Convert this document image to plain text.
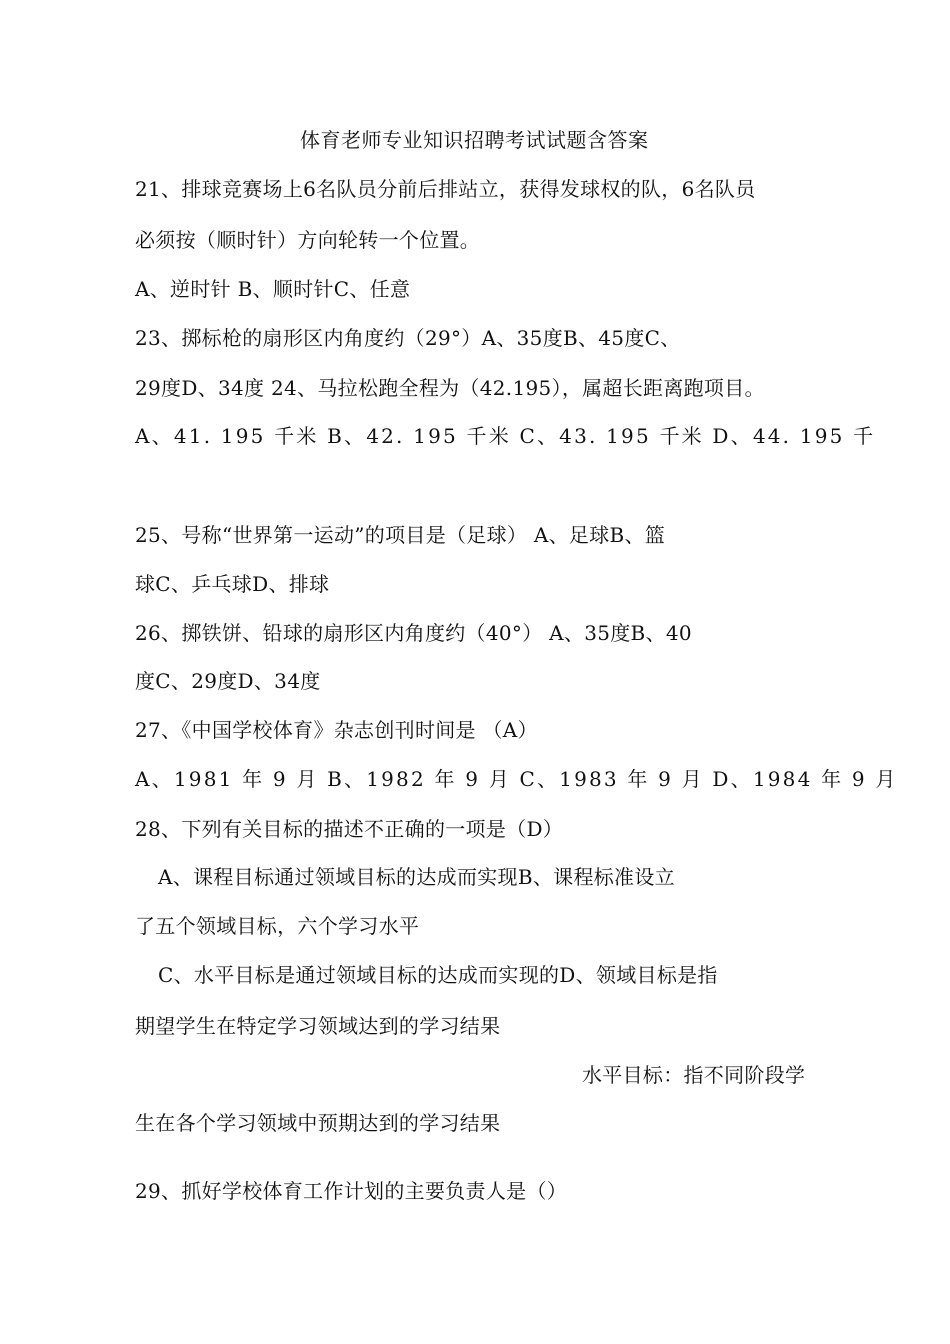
体育老师专业知识招聘考试试题含答案
21、排球竞赛场上6名队员分前后排站立，获得发球权的队，6名队员
必须按（顺时针）方向轮转一个位置。
A、逆时针 B、顺时针C、任意
23、掷标枪的扇形区内角度约（29°）A、35度B、45度C、
29度D、34度 24、马拉松跑全程为（42.195），属超长距离跑项目。
A、41. 195 千米 B、42. 195 千米 C、43. 195 千米 D、44. 195 千
25、号称“世界第一运动”的项目是（足球） A、足球B、篮
球C、乒乓球D、排球
26、掷铁饼、铅球的扇形区内角度约（40°） A、35度B、40
度C、29度D、34度
27、《中国学校体育》杂志创刊时间是 （A）
A、1981 年 9 月 B、1982 年 9 月 C、1983 年 9 月 D、1984 年 9 月
28、下列有关目标的描述不正确的一项是（D）
A、课程目标通过领域目标的达成而实现B、课程标准设立
了五个领域目标，六个学习水平
C、水平目标是通过领域目标的达成而实现的D、领域目标是指
期望学生在特定学习领域达到的学习结果
水平目标：指不同阶段学
生在各个学习领域中预期达到的学习结果
29、抓好学校体育工作计划的主要负责人是（）
